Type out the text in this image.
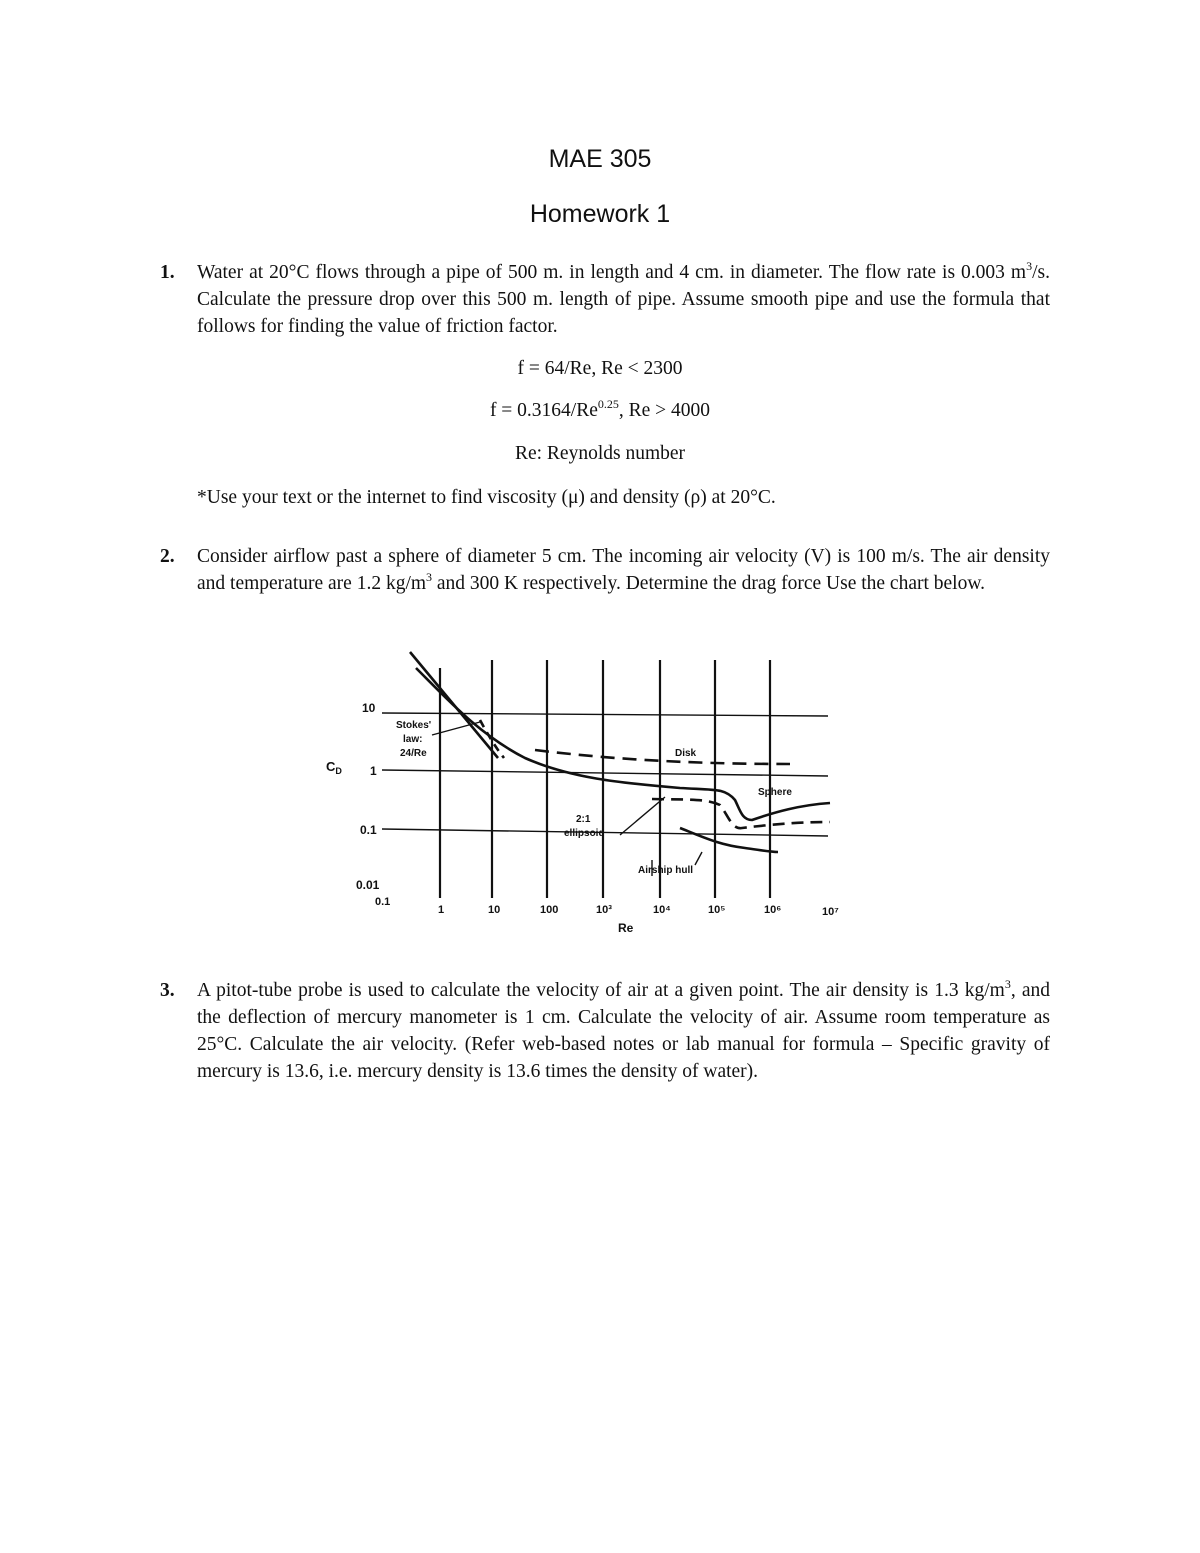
MAE 305
Homework 1
1. Water at 20°C flows through a pipe of 500 m. in length and 4 cm. in diameter. The flow rate is 0.003 $m^3/s$. Calculate the pressure drop over this 500 m. length of pipe. Assume smooth pipe and use the formula that follows for finding the value of friction factor.
f = 64/Re, Re < 2300
$f = 0.3164/Re^{0.25}$, Re > 4000
Re: Reynolds number
*Use your text or the internet to find viscosity (μ) and density (ρ) at 20°C.
2. Consider airflow past a sphere of diameter 5 cm. The incoming air velocity (V) is 100 m/s. The air density and temperature are 1.2 $kg/m^3$ and 300 K respectively. Determine the drag force Use the chart below.
$C_D$
10
1
0.1
0.01
0.1
1	10	100	10³	10⁴	10⁵	10⁶	10⁷
Re
Stokes'
law:
24/Re	Disk
Sphere
2:1
ellipsoid
Airship hull
3. A pitot-tube probe is used to calculate the velocity of air at a given point. The air density is 1.3 $kg/m^3$, and the deflection of mercury manometer is 1 cm. Calculate the velocity of air. Assume room temperature as 25°C. Calculate the air velocity. (Refer web-based notes or lab manual for formula – Specific gravity of mercury is 13.6, i.e. mercury density is 13.6 times the density of water).
